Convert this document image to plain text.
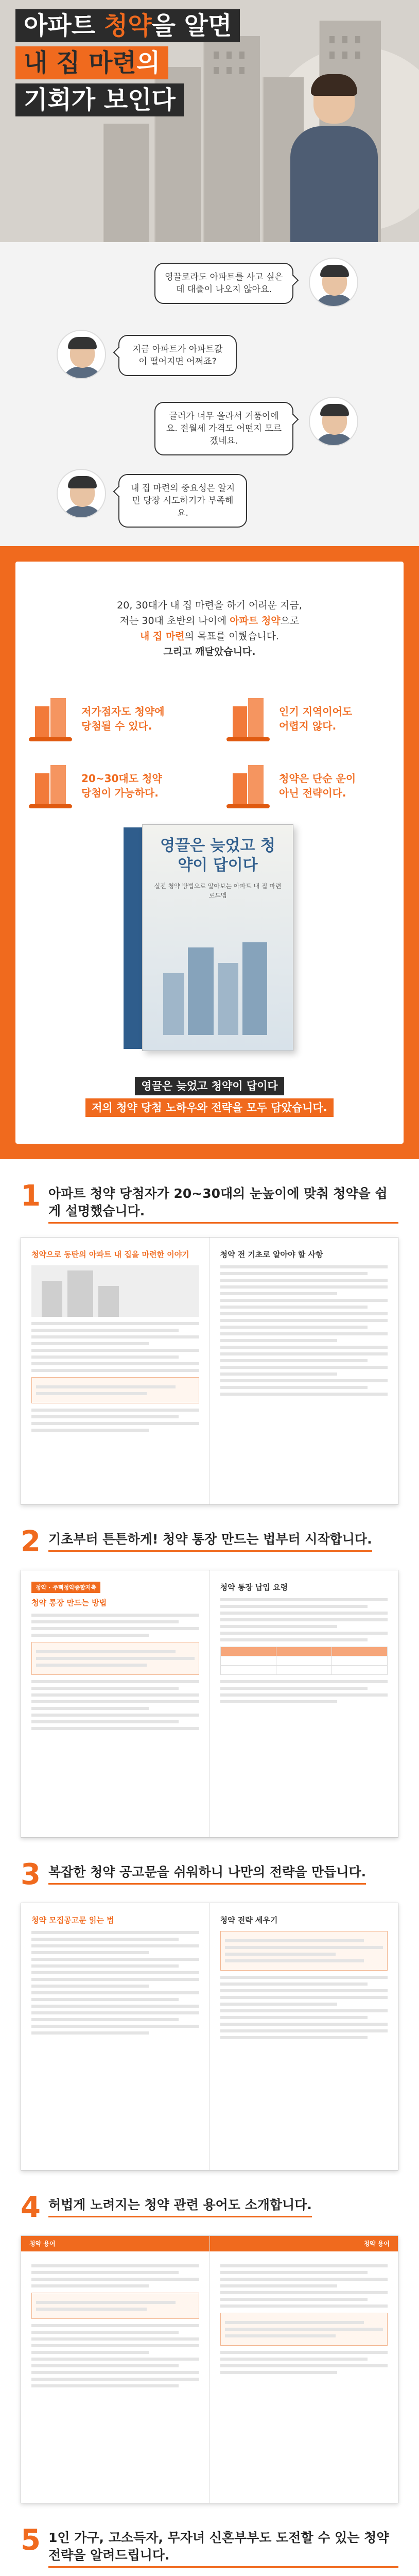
아파트 청약을 알면
내 집 마련의
기회가 보인다
영끌로라도 아파트를 사고 싶은데 대출이 나오지 않아요.
지금 아파트가 아파트값이 떨어지면 어쩌죠?
글러가 너무 올라서 거품이에요. 전월세 가격도 어떤지 모르겠네요.
내 집 마련의 중요성은 알지만 당장 시도하기가 부족해요.
20, 30대가 내 집 마련을 하기 어려운 지금,
저는 30대 초반의 나이에 아파트 청약으로
내 집 마련의 목표를 이뤘습니다.
그리고 깨달았습니다.
저가점자도 청약에
당첨될 수 있다.
인기 지역이어도
어렵지 않다.
20~30대도 청약
당첨이 가능하다.
청약은 단순 운이
아닌 전략이다.
영끌은 늦었고 청약이 답이다
실전 청약 방법으로 알아보는 아파트 내 집 마련 로드맵
영끌은 늦었고 청약이 답이다
저의 청약 당첨 노하우와 전략을 모두 담았습니다.
1 아파트 청약 당첨자가 20~30대의 눈높이에 맞춰 청약을 쉽게 설명했습니다.
청약으로 동탄의 아파트 내 집을 마련한 이야기	청약 전 기초로 알아야 할 사항
2 기초부터 튼튼하게! 청약 통장 만드는 법부터 시작합니다.
청약 · 주택청약종합저축
청약 통장 만드는 방법
청약 통장 납입 요령

3 복잡한 청약 공고문을 쉬워하니 나만의 전략을 만듭니다.
청약 모집공고문 읽는 법	청약 전략 세우기
4 허법게 노려지는 청약 관련 용어도 소개합니다.
청약 용어	청약 용어
5 1인 가구, 고소득자, 무자녀 신혼부부도 도전할 수 있는 청약 전략을 알려드립니다.
